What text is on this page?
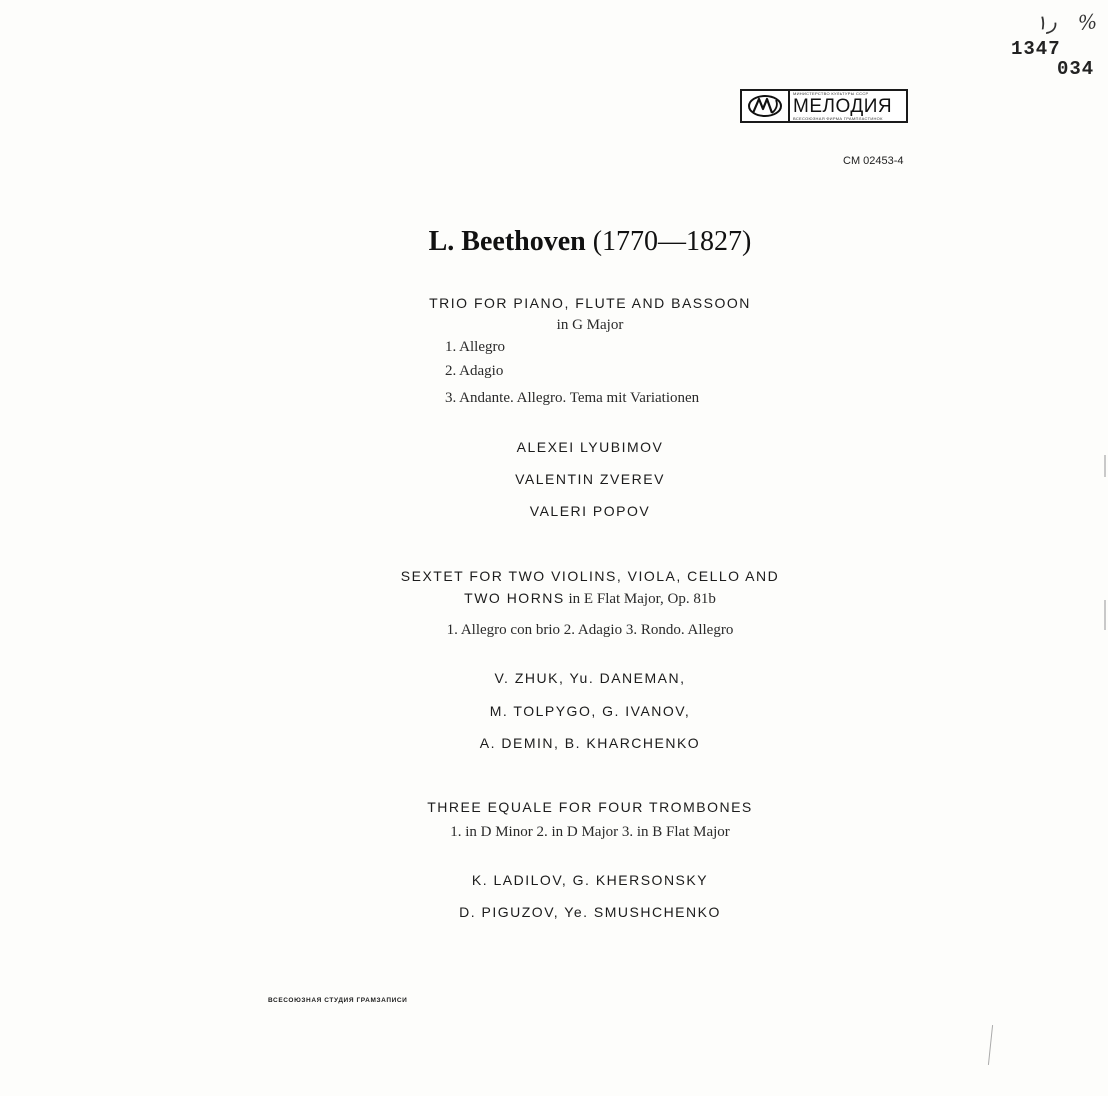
ر١ %
1347
034
МИНИСТЕРСТВО КУЛЬТУРЫ СССР
МЕЛОДИЯ
ВСЕСОЮЗНАЯ ФИРМА ГРАМПЛАСТИНОК
CM 02453-4
L. Beethoven (1770—1827)
TRIO FOR PIANO, FLUTE AND BASSOON
in G Major
1. Allegro
2. Adagio
3. Andante. Allegro. Tema mit Variationen
ALEXEI LYUBIMOV
VALENTIN ZVEREV
VALERI POPOV
SEXTET FOR TWO VIOLINS, VIOLA, CELLO AND
TWO HORNS in E Flat Major, Op. 81b
1. Allegro con brio 2. Adagio 3. Rondo. Allegro
V. ZHUK, Yu. DANEMAN,
M. TOLPYGO, G. IVANOV,
A. DEMIN, B. KHARCHENKO
THREE EQUALE FOR FOUR TROMBONES
1. in D Minor 2. in D Major 3. in B Flat Major
K. LADILOV, G. KHERSONSKY
D. PIGUZOV, Ye. SMUSHCHENKO
ВСЕСОЮЗНАЯ СТУДИЯ ГРАМЗАПИСИ
